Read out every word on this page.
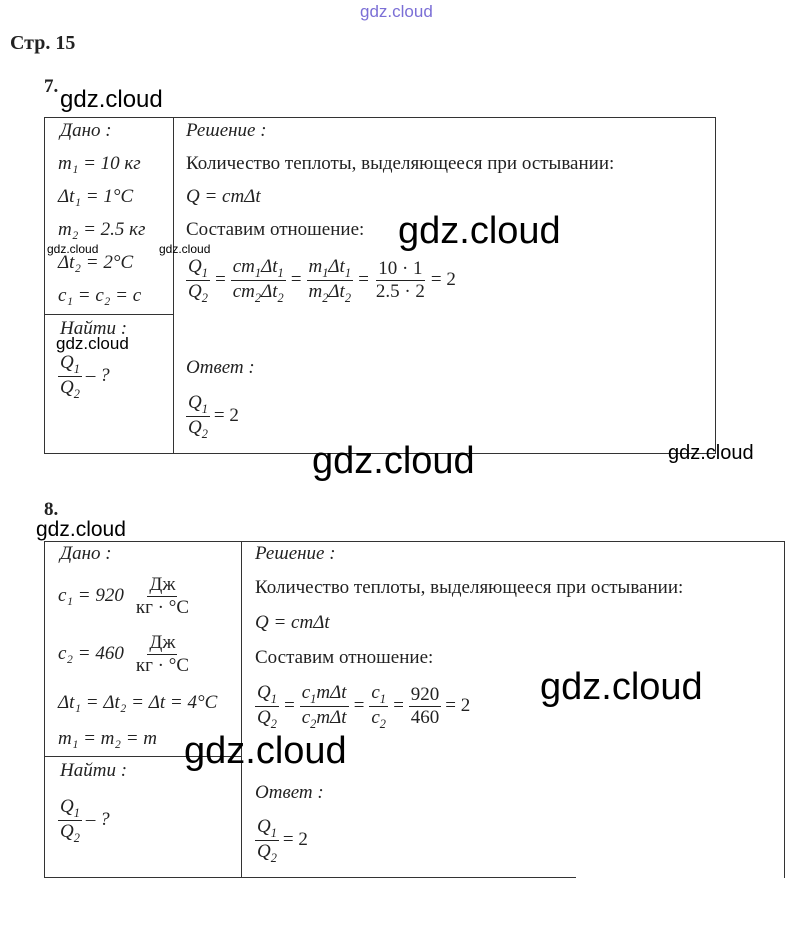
gdz.cloud
Стр. 15
7. gdz.cloud
Дано :
m₁ = 10 кг
Δt₁ = 1°C
m₂ = 2.5 кг
gdz.cloud	gdz.cloud
Δt₂ = 2°C
c₁ = c₂ = c
Найти :
gdz.cloud
$\frac{Q_1}{Q_2}$ – ?
Решение :
Количество теплоты, выделяющееся при остывании:
Q = cmΔt
Составим отношение: gdz.cloud
$\frac{Q_1}{Q_2} = \frac{cm_1\Delta t_1}{cm_2\Delta t_2} = \frac{m_1\Delta t_1}{m_2\Delta t_2} = \frac{10 \cdot 1}{2.5 \cdot 2} = 2$
Ответ :
$\frac{Q_1}{Q_2} = 2$
gdz.cloud	gdz.cloud
8.
gdz.cloud
Дано :
$c_1 = 920 \frac{Дж}{кг \cdot ^\circ C}$
$c_2 = 460 \frac{Дж}{кг \cdot ^\circ C}$
Δt₁ = Δt₂ = Δt = 4°C
m₁ = m₂ = m
Найти :
$\frac{Q_1}{Q_2}$ – ?
gdz.cloud
Решение :
Количество теплоты, выделяющееся при остывании:
Q = cmΔt
Составим отношение:
$\frac{Q_1}{Q_2} = \frac{c_1m\Delta t}{c_2m\Delta t} = \frac{c_1}{c_2} = \frac{920}{460} = 2$ gdz.cloud
Ответ :
$\frac{Q_1}{Q_2} = 2$
